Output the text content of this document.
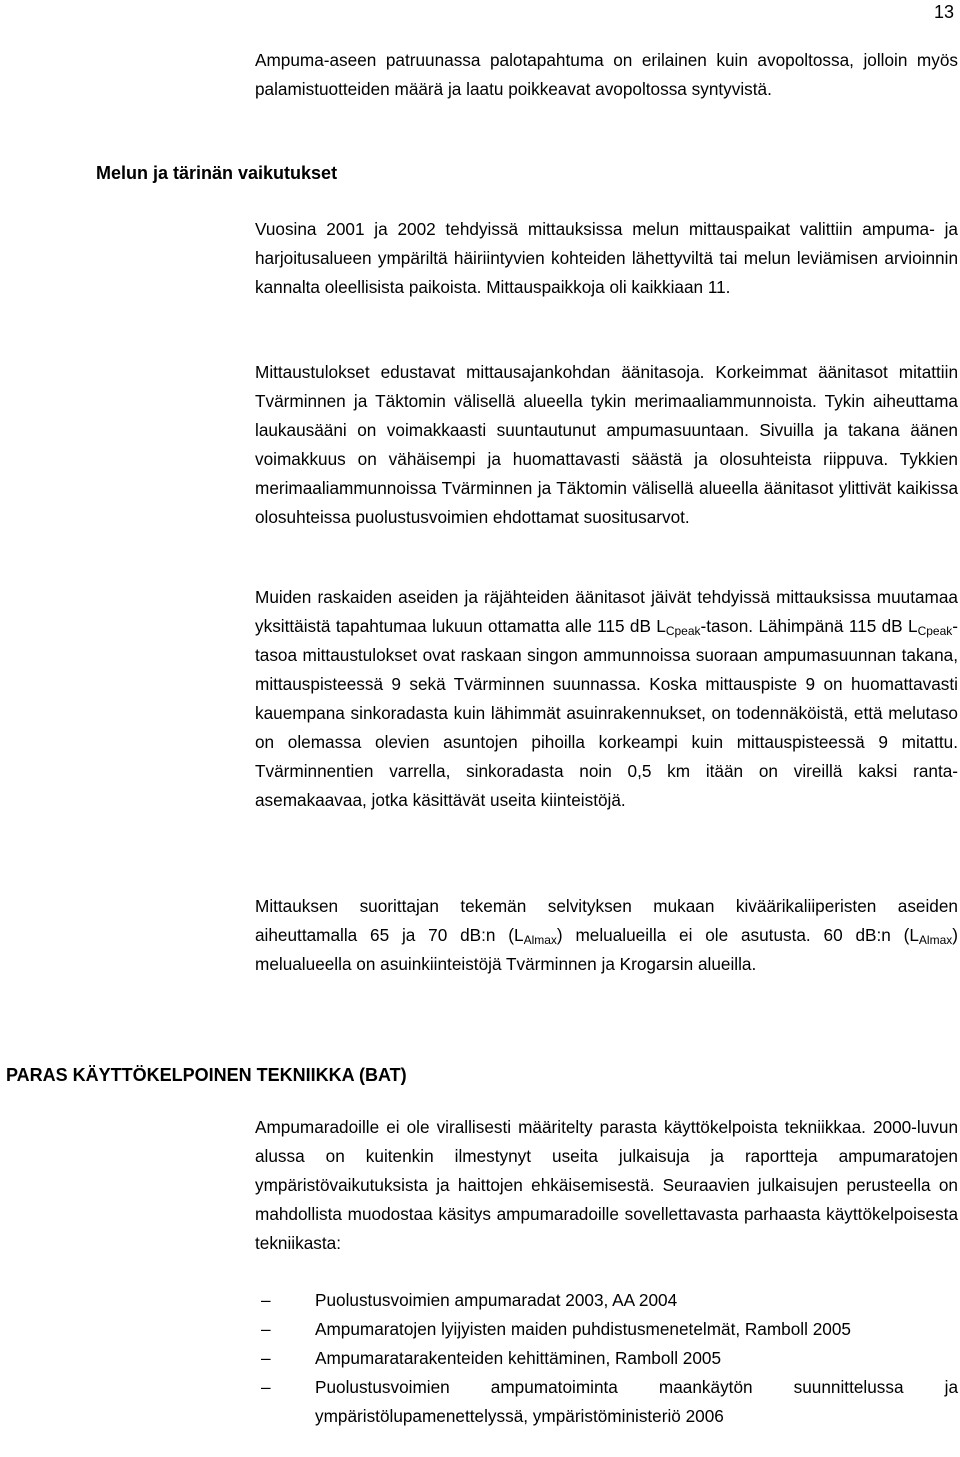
13

Ampuma-aseen patruunassa palotapahtuma on erilainen kuin avopoltossa, jolloin myös palamistuotteiden määrä ja laatu poikkeavat avopoltossa syntyvistä.

Melun ja tärinän vaikutukset

Vuosina 2001 ja 2002 tehdyissä mittauksissa melun mittauspaikat valittiin ampuma- ja harjoitusalueen ympäriltä häiriintyvien kohteiden lähettyviltä tai melun leviämisen arvioinnin kannalta oleellisista paikoista. Mittauspaikkoja oli kaikkiaan 11.

Mittaustulokset edustavat mittausajankohdan äänitasoja. Korkeimmat äänitasot mitattiin Tvärminnen ja Täktomin välisellä alueella tykin merimaaliammunnoista. Tykin aiheuttama laukausääni on voimakkaasti suuntautunut ampumasuuntaan. Sivuilla ja takana äänen voimakkuus on vähäisempi ja huomattavasti säästä ja olosuhteista riippuva. Tykkien merimaaliammunnoissa Tvärminnen ja Täktomin välisellä alueella äänitasot ylittivät kaikissa olosuhteissa puolustusvoimien ehdottamat suositusarvot.

Muiden raskaiden aseiden ja räjähteiden äänitasot jäivät tehdyissä mittauksissa muutamaa yksittäistä tapahtumaa lukuun ottamatta alle 115 dB $L_{Cpeak}$-tason. Lähimpänä 115 dB $L_{Cpeak}$-tasoa mittaustulokset ovat raskaan singon ammunnoissa suoraan ampumasuunnan takana, mittauspisteessä 9 sekä Tvärminnen suunnassa. Koska mittauspiste 9 on huomattavasti kauempana sinkoradasta kuin lähimmät asuinrakennukset, on todennäköistä, että melutaso on olemassa olevien asuntojen pihoilla korkeampi kuin mittauspisteessä 9 mitattu. Tvärminnentien varrella, sinkoradasta noin 0,5 km itään on vireillä kaksi ranta-asemakaavaa, jotka käsittävät useita kiinteistöjä.

Mittauksen suorittajan tekemän selvityksen mukaan kiväärikaliiperisten aseiden aiheuttamalla 65 ja 70 dB:n $(L_{Almax})$ melualueilla ei ole asutusta. 60 dB:n $(L_{Almax})$ melualueella on asuinkiinteistöjä Tvärminnen ja Krogarsin alueilla.

PARAS KÄYTTÖKELPOINEN TEKNIIKKA (BAT)

Ampumaradoille ei ole virallisesti määritelty parasta käyttökelpoista tekniikkaa. 2000-luvun alussa on kuitenkin ilmestynyt useita julkaisuja ja raportteja ampumaratojen ympäristövaikutuksista ja haittojen ehkäisemisestä. Seuraavien julkaisujen perusteella on mahdollista muodostaa käsitys ampumaradoille sovellettavasta parhaasta käyttökelpoisesta tekniikasta:

–	Puolustusvoimien ampumaradat 2003, AA 2004
–	Ampumaratojen lyijyisten maiden puhdistusmenetelmät, Ramboll 2005
–	Ampumaratarakenteiden kehittäminen, Ramboll 2005
–	Puolustusvoimien ampumatoiminta maankäytön suunnittelussa ja ympäristölupamenettelyssä, ympäristöministeriö 2006
